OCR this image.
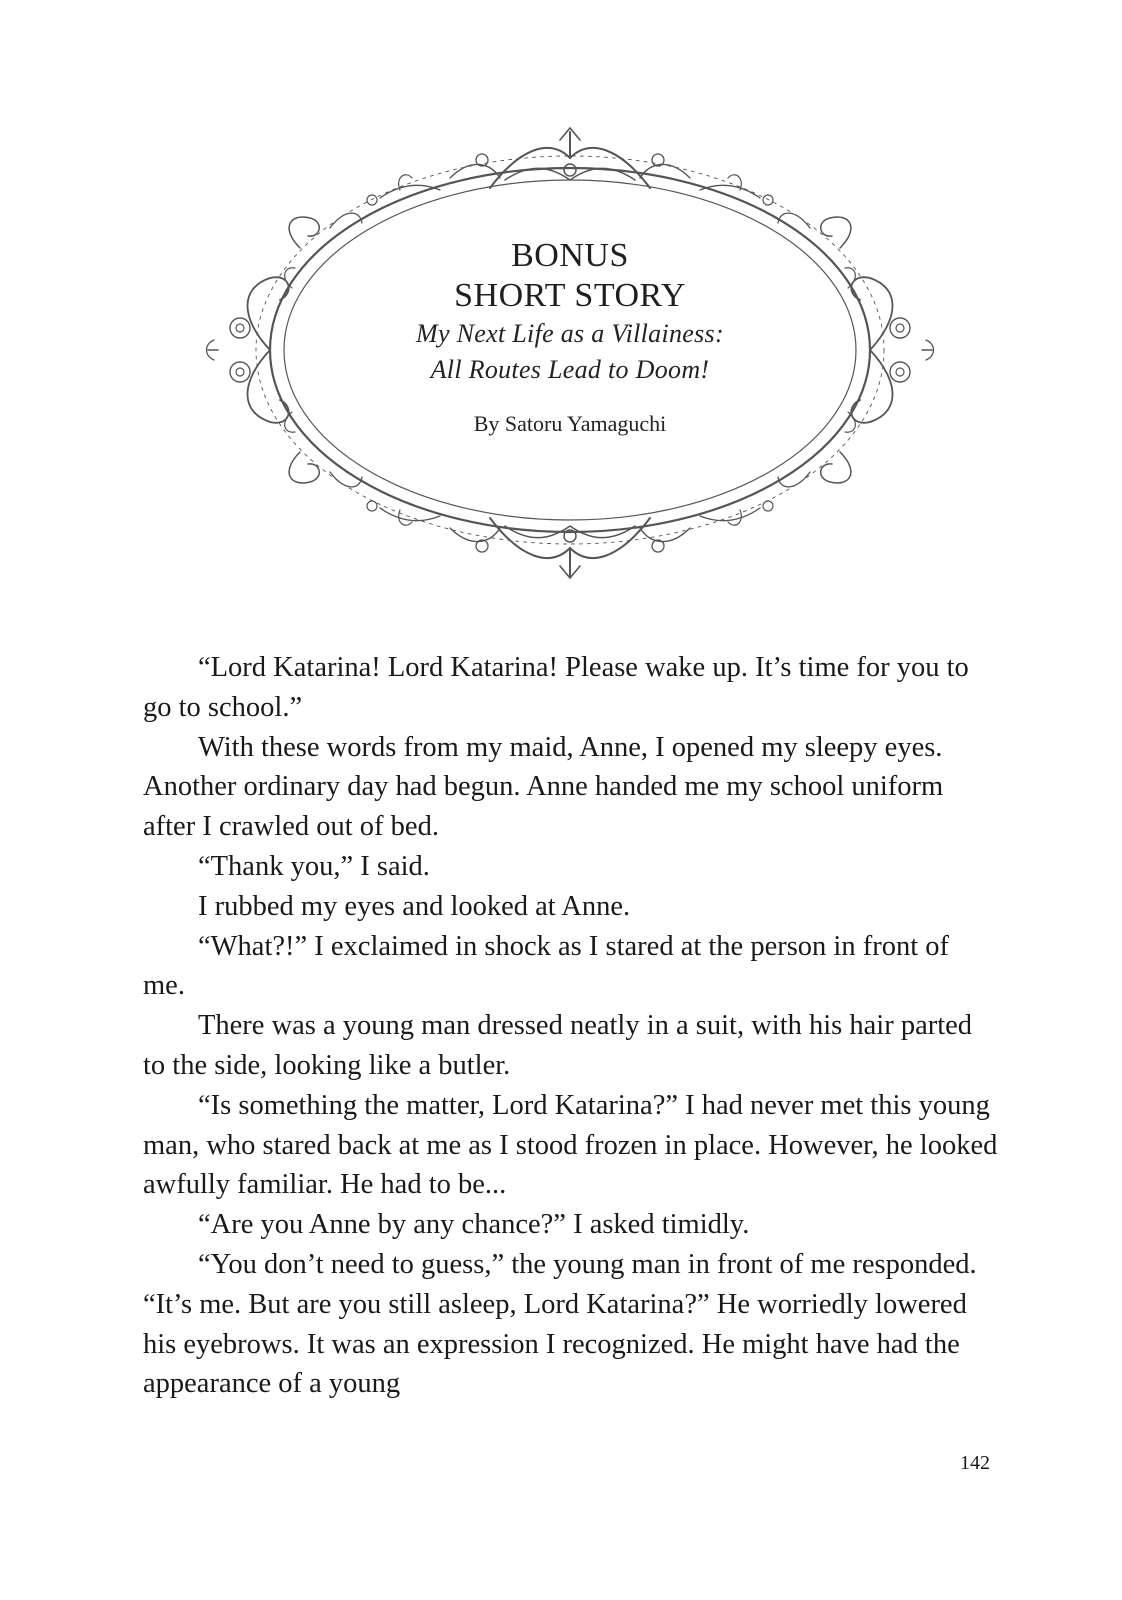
BONUS
SHORT STORY
My Next Life as a Villainess:
All Routes Lead to Doom!
By Satoru Yamaguchi

“Lord Katarina! Lord Katarina! Please wake up. It’s time for you to go to school.”

With these words from my maid, Anne, I opened my sleepy eyes. Another ordinary day had begun. Anne handed me my school uniform after I crawled out of bed.

“Thank you,” I said.

I rubbed my eyes and looked at Anne.

“What?!” I exclaimed in shock as I stared at the person in front of me.

There was a young man dressed neatly in a suit, with his hair parted to the side, looking like a butler.

“Is something the matter, Lord Katarina?” I had never met this young man, who stared back at me as I stood frozen in place. However, he looked awfully familiar. He had to be...

“Are you Anne by any chance?” I asked timidly.

“You don’t need to guess,” the young man in front of me responded. “It’s me. But are you still asleep, Lord Katarina?” He worriedly lowered his eyebrows. It was an expression I recognized. He might have had the appearance of a young

142
